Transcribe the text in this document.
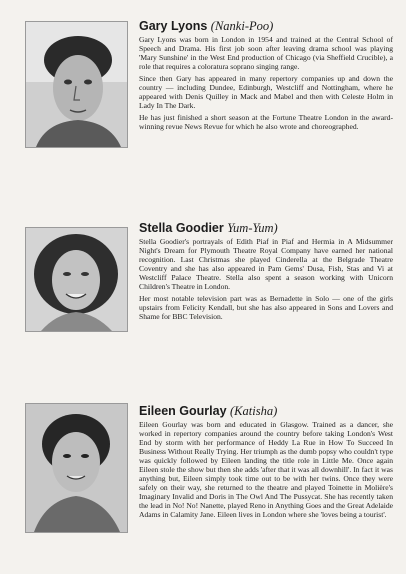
Gary Lyons (Nanki-Poo)

Gary Lyons was born in London in 1954 and trained at the Central School of Speech and Drama. His first job soon after leaving drama school was playing 'Mary Sunshine' in the West End production of Chicago (via Sheffield Crucible), a role that requires a coloratura soprano singing range.

Since then Gary has appeared in many repertory companies up and down the country — including Dundee, Edinburgh, Westcliff and Nottingham, where he appeared with Denis Quilley in Mack and Mabel and then with Celeste Holm in Lady In The Dark.

He has just finished a short season at the Fortune Theatre London in the award-winning revue News Revue for which he also wrote and choreographed.

Stella Goodier Yum-Yum)

Stella Goodier's portrayals of Edith Piaf in Piaf and Hermia in A Midsummer Night's Dream for Plymouth Theatre Royal Company have earned her national recognition. Last Christmas she played Cinderella at the Belgrade Theatre Coventry and she has also appeared in Pam Gems' Dusa, Fish, Stas and Vi at Westcliff Palace Theatre. Stella also spent a season working with Unicorn Children's Theatre in London.

Her most notable television part was as Bernadette in Solo — one of the girls upstairs from Felicity Kendall, but she has also appeared in Sons and Lovers and Shame for BBC Television.

Eileen Gourlay (Katisha)

Eileen Gourlay was born and educated in Glasgow. Trained as a dancer, she worked in repertory companies around the country before taking London's West End by storm with her performance of Heddy La Rue in How To Succeed In Business Without Really Trying. Her triumph as the dumb popsy who couldn't type was quickly followed by Eileen landing the title role in Little Me. Once again Eileen stole the show but then she adds 'after that it was all downhill'. In fact it was anything but, Eileen simply took time out to be with her twins. Once they were safely on their way, she returned to the theatre and played Toinette in Molière's Imaginary Invalid and Doris in The Owl And The Pussycat. She has recently taken the lead in No! No! Nanette, played Reno in Anything Goes and the Great Adelaide Adams in Calamity Jane. Eileen lives in London where she 'loves being a tourist'.
